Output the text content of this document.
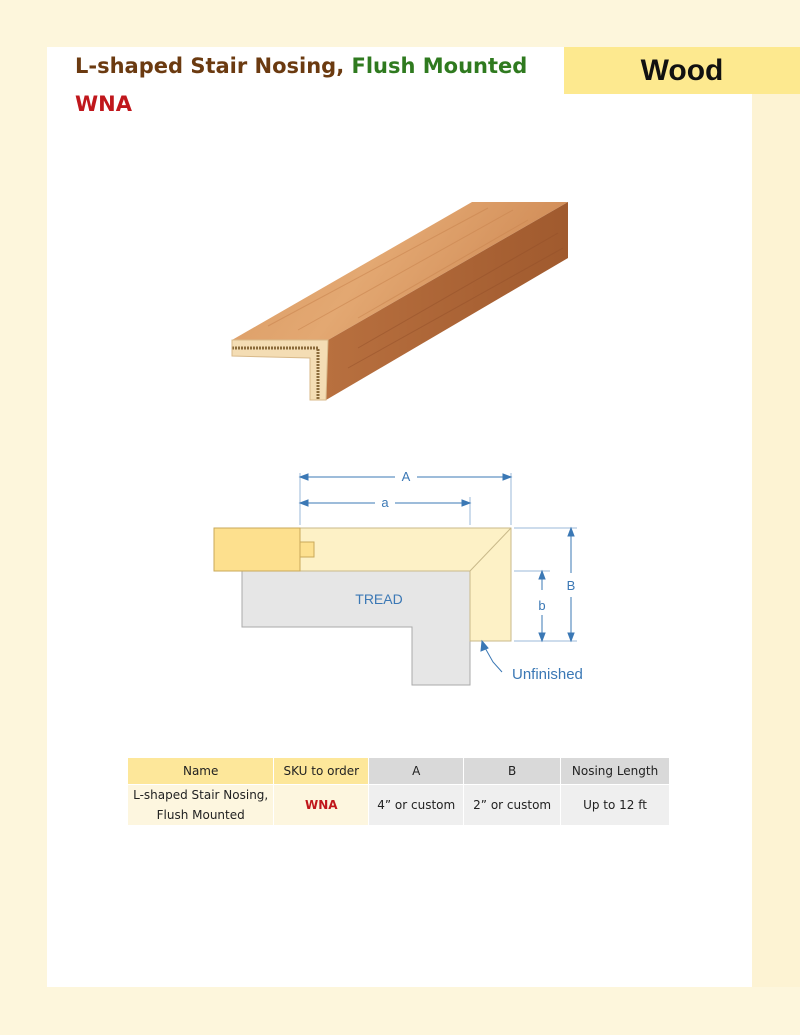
Wood
L-shaped Stair Nosing, Flush Mounted
WNA
A
a
B
b
TREAD
Unfinished
Name	SKU to order	A	B	Nosing Length
L-shaped Stair Nosing,
Flush Mounted	WNA	4” or custom	2” or custom	Up to 12 ft
